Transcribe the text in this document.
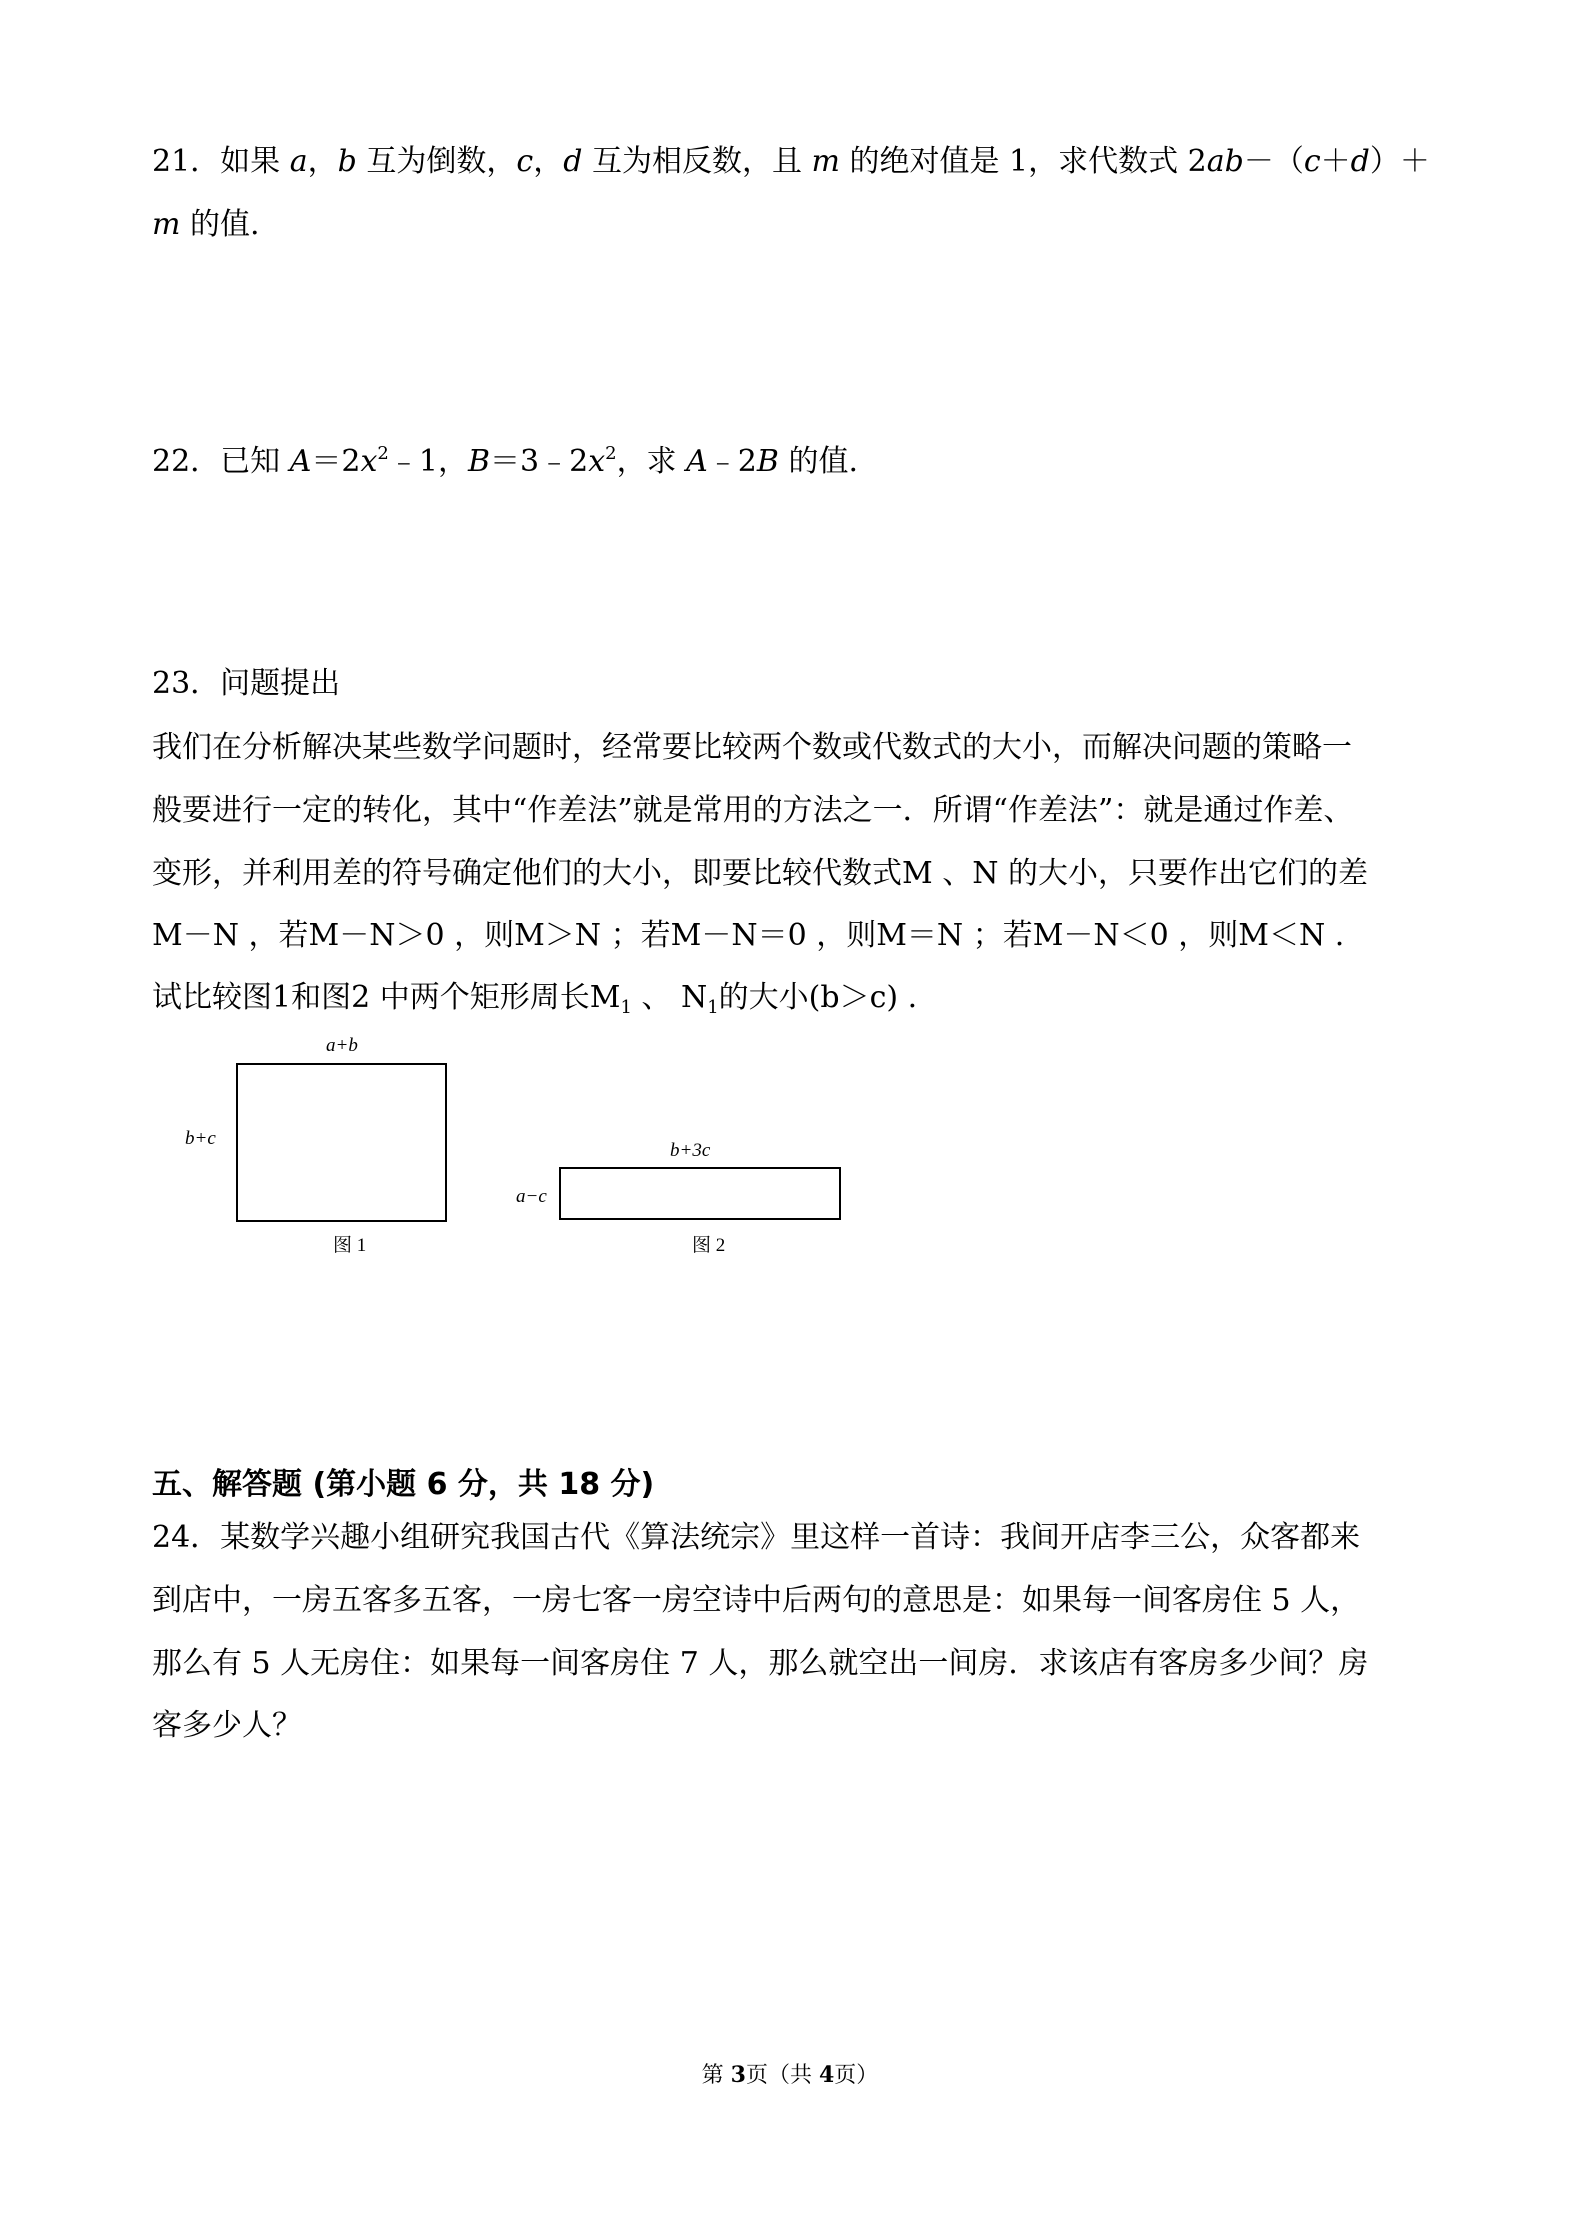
21．如果 a，b 互为倒数，c，d 互为相反数，且 m 的绝对值是 1，求代数式 2ab－（c＋d）＋
m 的值.
22．已知 $A=2x^2﹣1$，$B=3﹣2x^2$，求 A﹣2B 的值.
23．问题提出
我们在分析解决某些数学问题时，经常要比较两个数或代数式的大小，而解决问题的策略一
般要进行一定的转化，其中“作差法”就是常用的方法之一．所谓“作差法”：就是通过作差、
变形，并利用差的符号确定他们的大小，即要比较代数式M 、N 的大小，只要作出它们的差
M－N ，若M－N＞0 ，则M＞N ；若M－N＝0 ，则M＝N ；若M－N＜0 ，则M＜N .
试比较图1和图2 中两个矩形周长$M_1$ 、 $N_1$的大小(b＞c) .
a+b
b+c
图 1
b+3c
a−c
图 2
五、解答题 (第小题 6 分，共 18 分)
24．某数学兴趣小组研究我国古代《算法统宗》里这样一首诗：我间开店李三公，众客都来
到店中，一房五客多五客，一房七客一房空诗中后两句的意思是：如果每一间客房住 5 人，
那么有 5 人无房住：如果每一间客房住 7 人，那么就空出一间房．求该店有客房多少间？房
客多少人？
第 3页（共 4页）
